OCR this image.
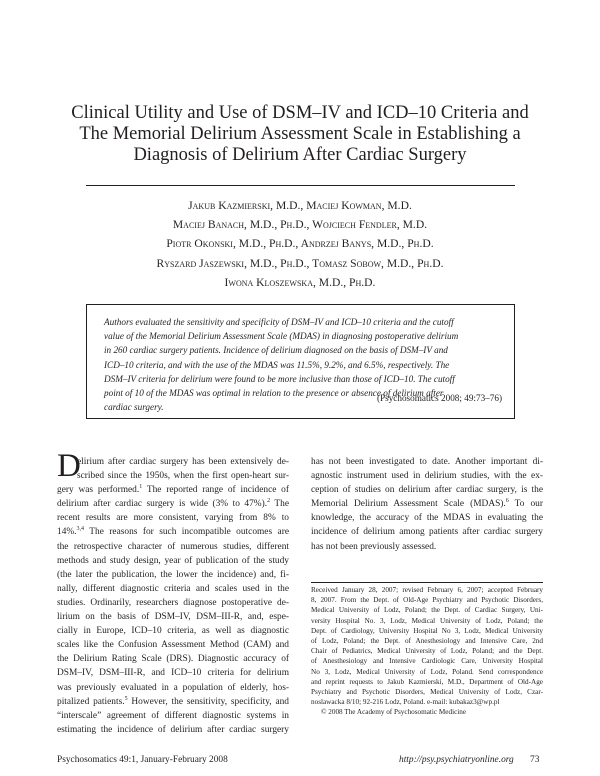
Clinical Utility and Use of DSM–IV and ICD–10 Criteria and
The Memorial Delirium Assessment Scale in Establishing a
Diagnosis of Delirium After Cardiac Surgery
Jakub Kazmierski, M.D., Maciej Kowman, M.D.
Maciej Banach, M.D., Ph.D., Wojciech Fendler, M.D.
Piotr Okonski, M.D., Ph.D., Andrzej Banys, M.D., Ph.D.
Ryszard Jaszewski, M.D., Ph.D., Tomasz Sobow, M.D., Ph.D.
Iwona Kloszewska, M.D., Ph.D.
Authors evaluated the sensitivity and specificity of DSM–IV and ICD–10 criteria and the cutoff
value of the Memorial Delirium Assessment Scale (MDAS) in diagnosing postoperative delirium
in 260 cardiac surgery patients. Incidence of delirium diagnosed on the basis of DSM–IV and
ICD–10 criteria, and with the use of the MDAS was 11.5%, 9.2%, and 6.5%, respectively. The
DSM–IV criteria for delirium were found to be more inclusive than those of ICD–10. The cutoff
point of 10 of the MDAS was optimal in relation to the presence or absence of delirium after
cardiac surgery.
(Psychosomatics 2008; 49:73–76)
elirium after cardiac surgery has been extensively de-
scribed since the 1950s, when the first open-heart sur-
gery was performed.$^1$ The reported range of incidence of
delirium after cardiac surgery is wide (3% to 47%).$^2$ The
recent results are more consistent, varying from 8% to
14%.$^{3,4}$ The reasons for such incompatible outcomes are
the retrospective character of numerous studies, different
methods and study design, year of publication of the study
(the later the publication, the lower the incidence) and, fi-
nally, different diagnostic criteria and scales used in the
studies. Ordinarily, researchers diagnose postoperative de-
lirium on the basis of DSM–IV, DSM–III-R, and, espe-
cially in Europe, ICD–10 criteria, as well as diagnostic
scales like the Confusion Assessment Method (CAM) and
the Delirium Rating Scale (DRS). Diagnostic accuracy of
DSM–IV, DSM–III-R, and ICD–10 criteria for delirium
was previously evaluated in a population of elderly, hos-
pitalized patients.$^5$ However, the sensitivity, specificity, and
“interscale” agreement of different diagnostic systems in
estimating the incidence of delirium after cardiac surgery
D	has not been investigated to date. Another important di-
agnostic instrument used in delirium studies, with the ex-
ception of studies on delirium after cardiac surgery, is the
Memorial Delirium Assessment Scale (MDAS).$^6$ To our
knowledge, the accuracy of the MDAS in evaluating the
incidence of delirium among patients after cardiac surgery
has not been previously assessed.
Received January 28, 2007; revised February 6, 2007; accepted February
8, 2007. From the Dept. of Old-Age Psychiatry and Psychotic Disorders,
Medical University of Lodz, Poland; the Dept. of Cardiac Surgery, Uni-
versity Hospital No. 3, Lodz, Medical University of Lodz, Poland; the
Dept. of Cardiology, University Hospital No 3, Lodz, Medical University
of Lodz, Poland; the Dept. of Anesthesiology and Intensive Care, 2nd
Chair of Pediatrics, Medical University of Lodz, Poland; and the Dept.
of Anesthesiology and Intensive Cardiologic Care, University Hospital
No 3, Lodz, Medical University of Lodz, Poland. Send correspondence
and reprint requests to Jakub Kazmierski, M.D., Department of Old-Age
Psychiatry and Psychotic Disorders, Medical University of Lodz, Czar-
noslawacka 8/10; 92-216 Lodz, Poland. e-mail: kubakaz3@wp.pl
© 2008 The Academy of Psychosomatic Medicine
Psychosomatics 49:1, January-February 2008	http://psy.psychiatryonline.org 73
